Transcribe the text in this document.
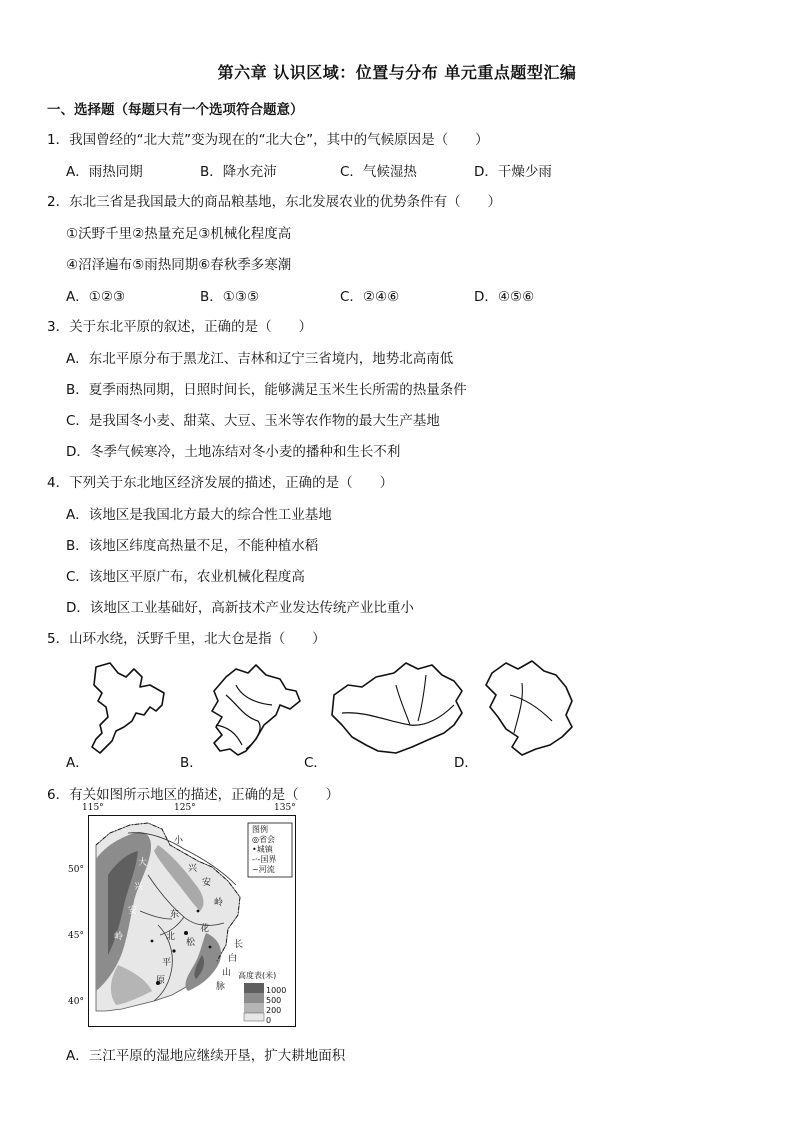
第六章 认识区域：位置与分布 单元重点题型汇编
一、选择题（每题只有一个选项符合题意）
1．我国曾经的“北大荒”变为现在的“北大仓”，其中的气候原因是（　　）
A．雨热同期	B．降水充沛	C．气候湿热	D．干燥少雨
2．东北三省是我国最大的商品粮基地，东北发展农业的优势条件有（　　）
①沃野千里②热量充足③机械化程度高
④沼泽遍布⑤雨热同期⑥春秋季多寒潮
A．①②③	B．①③⑤	C．②④⑥	D．④⑤⑥
3．关于东北平原的叙述，正确的是（　　）
A．东北平原分布于黑龙江、吉林和辽宁三省境内，地势北高南低
B．夏季雨热同期，日照时间长，能够满足玉米生长所需的热量条件
C．是我国冬小麦、甜菜、大豆、玉米等农作物的最大生产基地
D．冬季气候寒冷，土地冻结对冬小麦的播种和生长不利
4．下列关于东北地区经济发展的描述，正确的是（　　）
A．该地区是我国北方最大的综合性工业基地
B．该地区纬度高热量不足，不能种植水稻
C．该地区平原广布，农业机械化程度高
D．该地区工业基础好，高新技术产业发达传统产业比重小
5．山环水绕，沃野千里，北大仓是指（　　）
A．	B．	C．	D．
6．有关如图所示地区的描述，正确的是（　　）
115°	125°	135°
50°
45°
40°
图例
◎省会
•城镇
-·-国界
~河流
高度表(米)
1000
500
200
0
大
兴
安
岭
小
兴
安
岭
长
白
山
脉
东
北
平
原
松
花
A．三江平原的湿地应继续开垦，扩大耕地面积
